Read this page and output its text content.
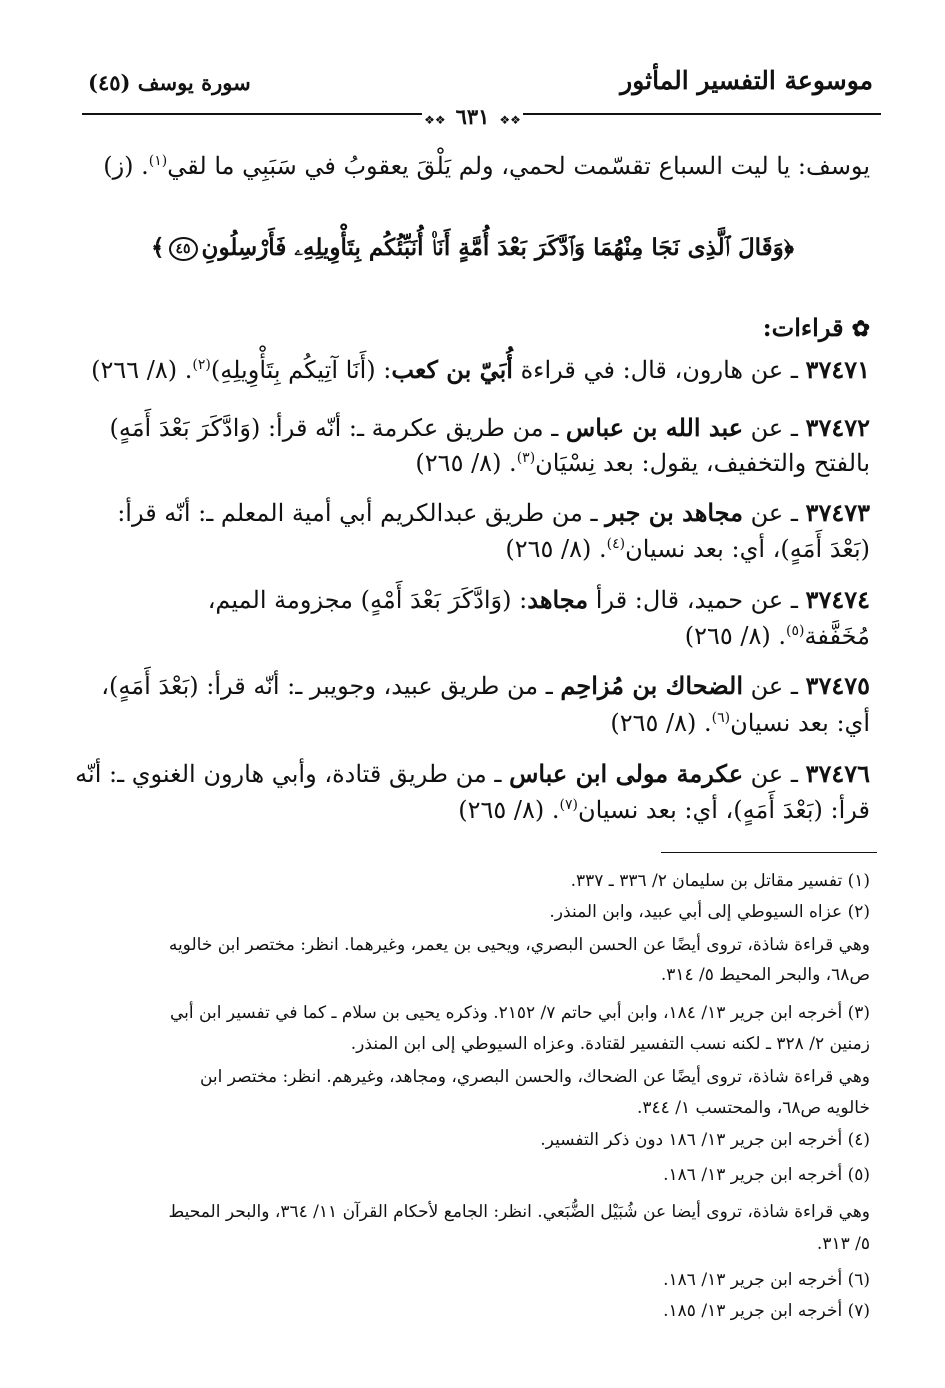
موسوعة التفسير المأثور
سورة يوسف (٤٥)
❖❖ ٦٣١ ❖❖
يوسف: يا ليت السباع تقسّمت لحمي، ولم يَلْقَ يعقوبُ في سَبَبِي ما لقي$^{(١)}$. (ز)
﴿وَقَالَ ٱلَّذِى نَجَا مِنْهُمَا وَٱدَّكَرَ بَعْدَ أُمَّةٍ أَنَا۠ أُنَبِّئُكُم بِتَأْوِيلِهِۦ فَأَرْسِلُونِ٤٥﴾
✿قراءات:
٣٧٤٧١ ـ عن هارون، قال: في قراءة أُبَيّ بن كعب: (أَنَا آتِيكُم بِتَأْوِيلِهِ)$^{(٢)}$. (٨/ ٢٦٦)
٣٧٤٧٢ ـ عن عبد الله بن عباس ـ من طريق عكرمة ـ: أنّه قرأ: (وَادَّكَرَ بَعْدَ أَمَهٍ)
بالفتح والتخفيف، يقول: بعد نِسْيَان$^{(٣)}$. (٨/ ٢٦٥)
٣٧٤٧٣ ـ عن مجاهد بن جبر ـ من طريق عبدالكريم أبي أمية المعلم ـ: أنّه قرأ:
(بَعْدَ أَمَهٍ)، أي: بعد نسيان$^{(٤)}$. (٨/ ٢٦٥)
٣٧٤٧٤ ـ عن حميد، قال: قرأ مجاهد: (وَادَّكَرَ بَعْدَ أَمْهٍ) مجزومة الميم،
مُخَفَّفة$^{(٥)}$. (٨/ ٢٦٥)
٣٧٤٧٥ ـ عن الضحاك بن مُزاحِم ـ من طريق عبيد، وجويبر ـ: أنّه قرأ: (بَعْدَ أَمَهٍ)،
أي: بعد نسيان$^{(٦)}$. (٨/ ٢٦٥)
٣٧٤٧٦ ـ عن عكرمة مولى ابن عباس ـ من طريق قتادة، وأبي هارون الغنوي ـ: أنّه
قرأ: (بَعْدَ أَمَهٍ)، أي: بعد نسيان$^{(٧)}$. (٨/ ٢٦٥)
(١) تفسير مقاتل بن سليمان ٢/ ٣٣٦ ـ ٣٣٧.
(٢) عزاه السيوطي إلى أبي عبيد، وابن المنذر.
وهي قراءة شاذة، تروى أيضًا عن الحسن البصري، ويحيى بن يعمر، وغيرهما. انظر: مختصر ابن خالويه
ص٦٨، والبحر المحيط ٥/ ٣١٤.
(٣) أخرجه ابن جرير ١٣/ ١٨٤، وابن أبي حاتم ٧/ ٢١٥٢. وذكره يحيى بن سلام ـ كما في تفسير ابن أبي
زمنين ٢/ ٣٢٨ ـ لكنه نسب التفسير لقتادة. وعزاه السيوطي إلى ابن المنذر.
وهي قراءة شاذة، تروى أيضًا عن الضحاك، والحسن البصري، ومجاهد، وغيرهم. انظر: مختصر ابن
خالويه ص٦٨، والمحتسب ١/ ٣٤٤.
(٤) أخرجه ابن جرير ١٣/ ١٨٦ دون ذكر التفسير.
(٥) أخرجه ابن جرير ١٣/ ١٨٦.
وهي قراءة شاذة، تروى أيضا عن شُبَيْل الضُّبَعي. انظر: الجامع لأحكام القرآن ١١/ ٣٦٤، والبحر المحيط
٥/ ٣١٣.
(٦) أخرجه ابن جرير ١٣/ ١٨٦.
(٧) أخرجه ابن جرير ١٣/ ١٨٥.
